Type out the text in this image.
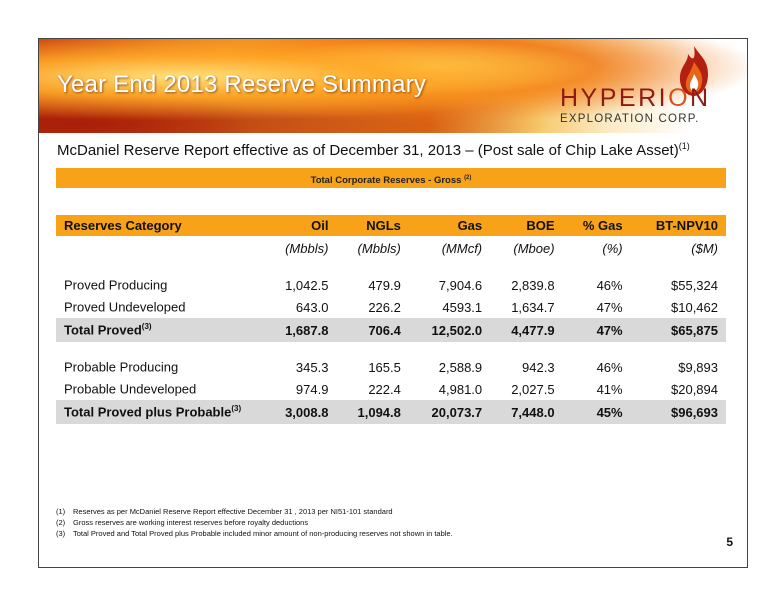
Year End 2013 Reserve Summary	HYPERION
EXPLORATION CORP.
McDaniel Reserve Report effective as of December 31, 2013 – (Post sale of Chip Lake Asset)$^{(1)}$
Total Corporate Reserves - Gross $^{(2)}$
Reserves Category	Oil	NGLs	Gas	BOE	% Gas	BT-NPV10
	(Mbbls)	(Mbbls)	(MMcf)	(Mboe)	(%)	($M)

Proved Producing	1,042.5	479.9	7,904.6	2,839.8	46%	$55,324
Proved Undeveloped	643.0	226.2	4593.1	1,634.7	47%	$10,462
Total Proved$^{(3)}$	1,687.8	706.4	12,502.0	4,477.9	47%	$65,875

Probable Producing	345.3	165.5	2,588.9	942.3	46%	$9,893
Probable Undeveloped	974.9	222.4	4,981.0	2,027.5	41%	$20,894
Total Proved plus Probable$^{(3)}$	3,008.8	1,094.8	20,073.7	7,448.0	45%	$96,693
(1) Reserves as per McDaniel Reserve Report effective December 31 , 2013 per NI51-101 standard
(2) Gross reserves are working interest reserves before royalty deductions
(3) Total Proved and Total Proved plus Probable included minor amount of non-producing reserves not shown in table.
5
